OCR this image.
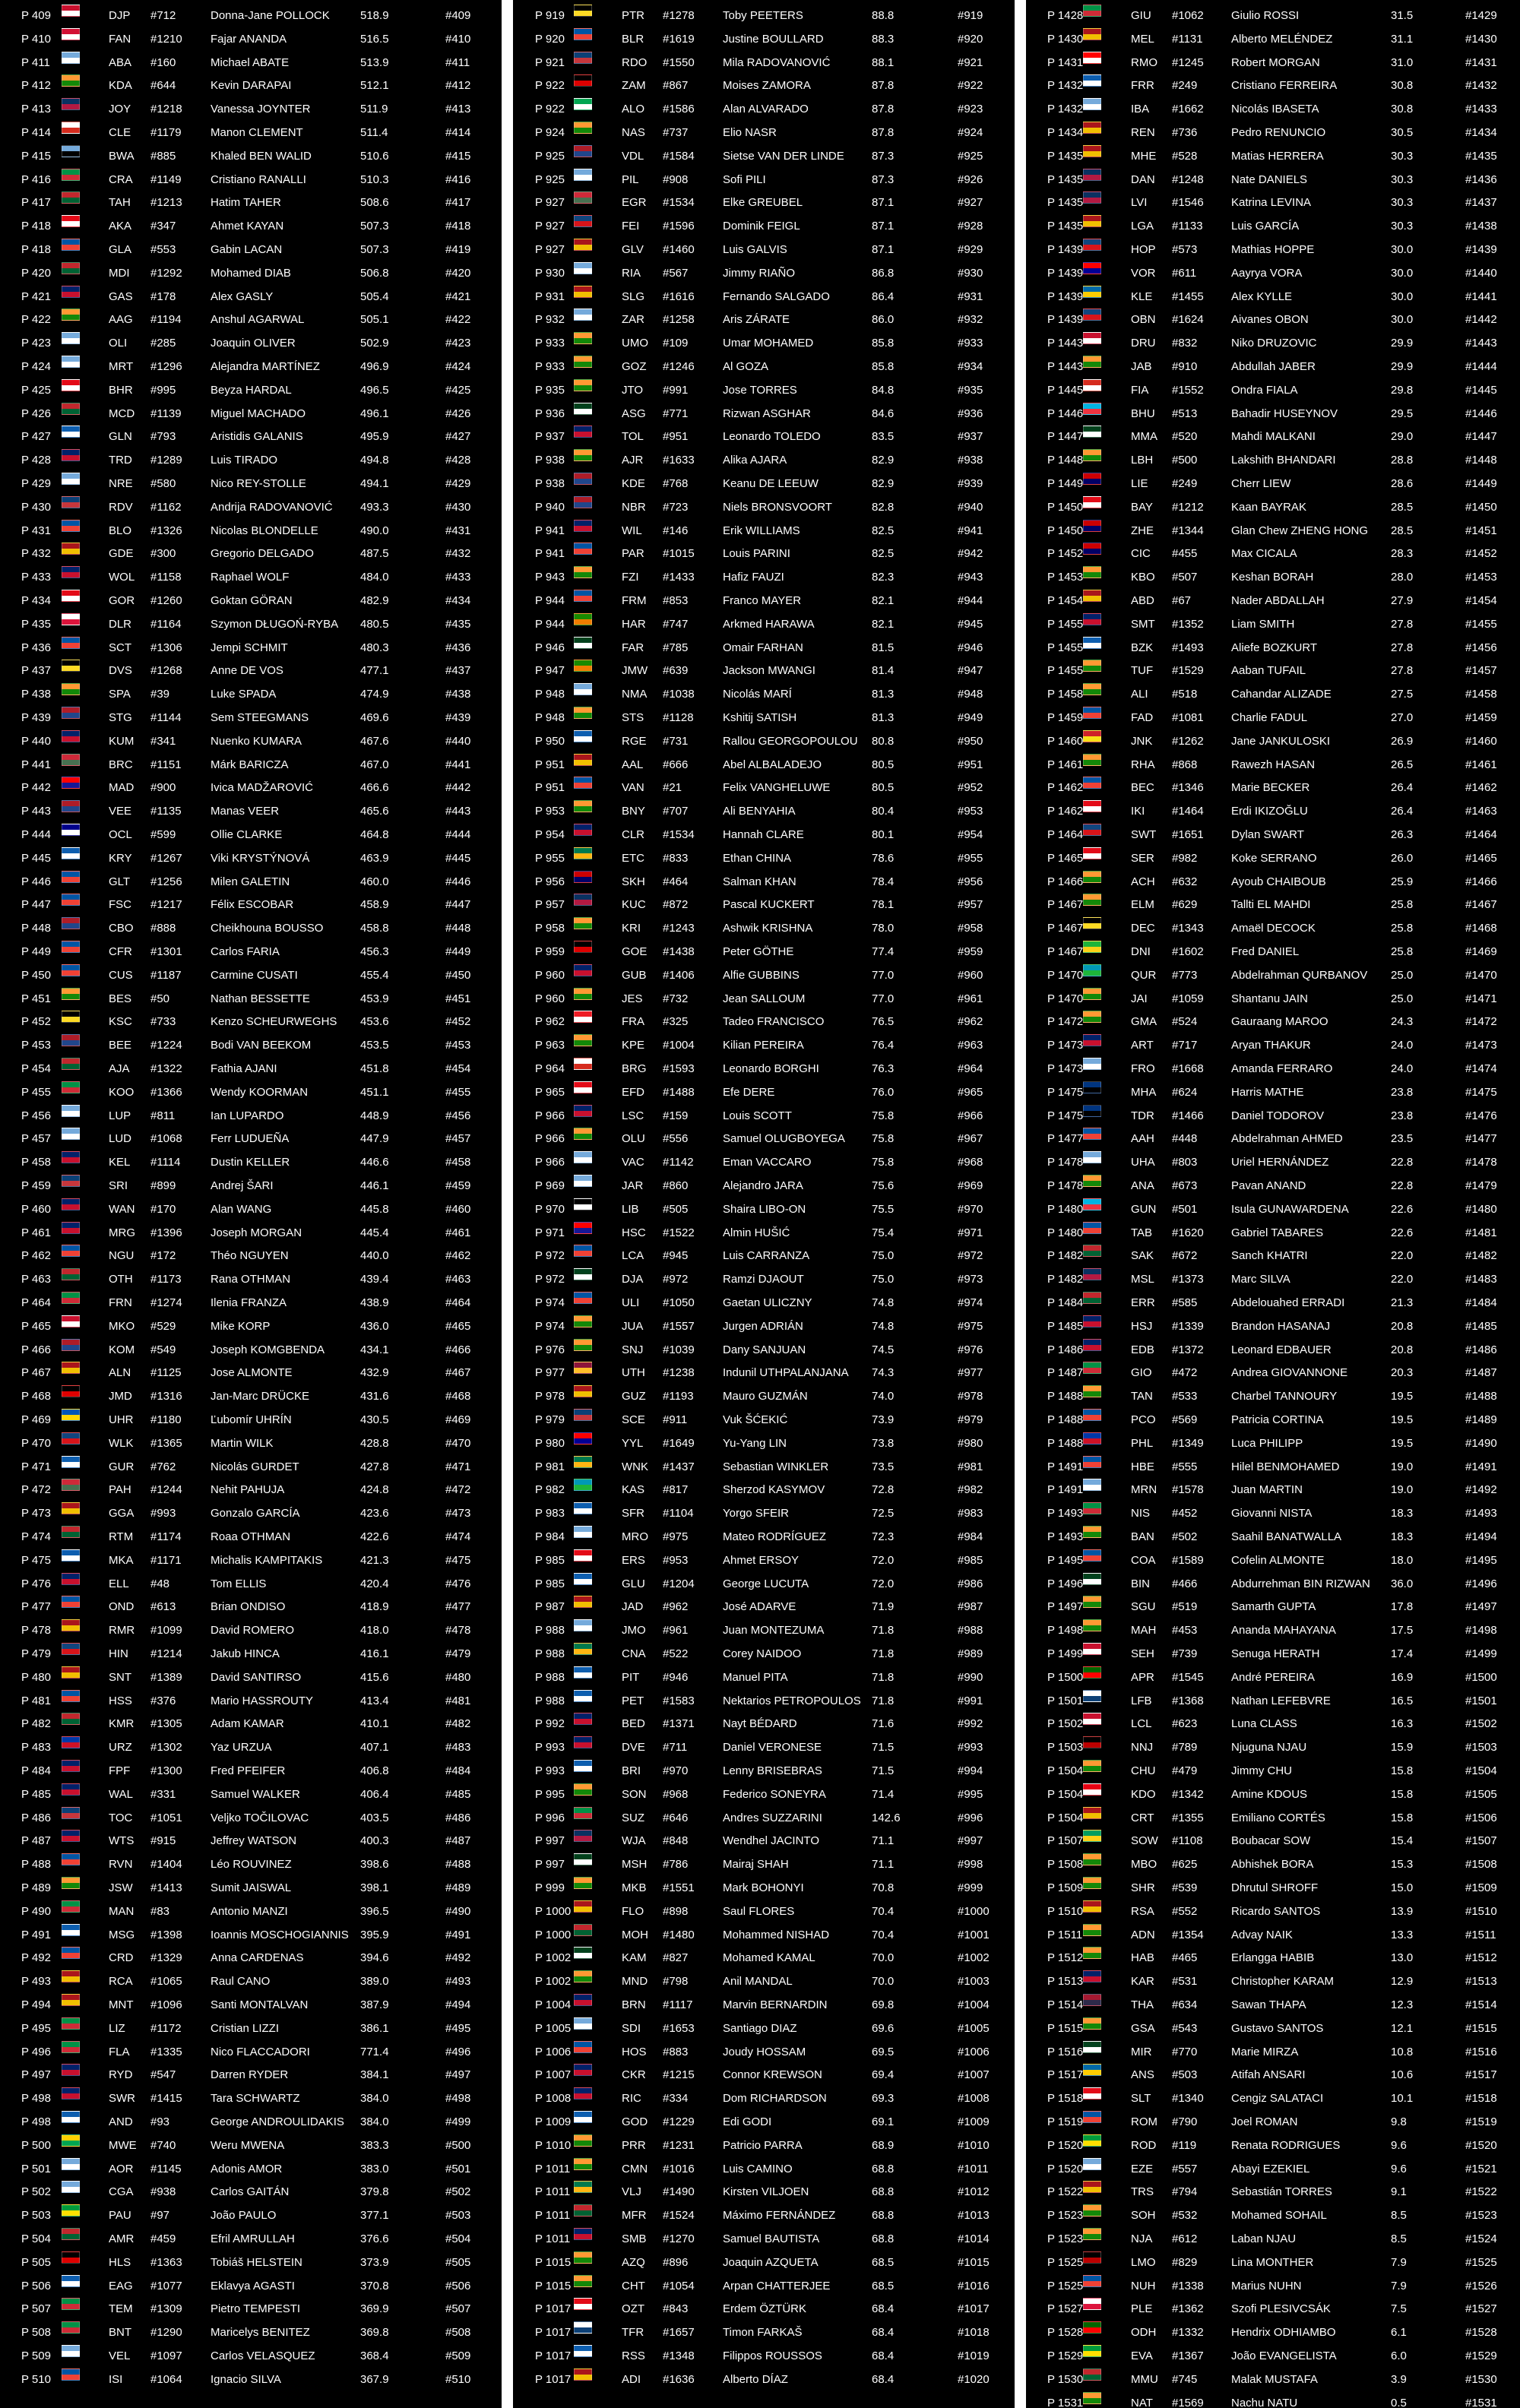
P 409	DJP #712	Donna-Jane POLLOCK	518.9	#409
P 410	FAN #1210 Fajar ANANDA	516.5	#410
P 411	ABA #160	Michael ABATE	513.9	#411
P 412	KDA #644	Kevin DARAPAI	512.1	#412
P 413	JOY #1218 Vanessa JOYNTER	511.9	#413
P 414	CLE #1179	Manon CLEMENT	511.4	#414
P 415	BWA #885	Khaled BEN WALID	510.6	#415
P 416	CRA #1149	Cristiano RANALLI	510.3	#416
P 417	TAH #1213 Hatim TAHER	508.6	#417
P 418	AKA #347	Ahmet KAYAN	507.3	#418
P 418	GLA #553	Gabin LACAN	507.3	#419
P 420	MDI #1292 Mohamed DIAB	506.8	#420
P 421	GAS #178	Alex GASLY	505.4	#421
P 422	AAG #1194	Anshul AGARWAL	505.1	#422
P 423	OLI #285	Joaquin OLIVER	502.9	#423
P 424	MRT #1296 Alejandra MARTÍNEZ	496.9	#424
P 425	BHR #995	Beyza HARDAL	496.5	#425
P 426	MCD #1139	Miguel MACHADO	496.1	#426
P 427	GLN #793	Aristidis GALANIS	495.9	#427
P 428	TRD #1289 Luis TIRADO	494.8	#428
P 429	NRE #580	Nico REY-STOLLE	494.1	#429
P 430	RDV #1162	Andrija RADOVANOVIĆ 493.3	#430
P 431	BLO #1326 Nicolas BLONDELLE	490.0	#431
P 432	GDE #300	Gregorio DELGADO	487.5	#432
P 433	WOL #1158	Raphael WOLF	484.0	#433
P 434	GOR #1260 Goktan GÖRAN	482.9	#434
P 435	DLR #1164	Szymon DŁUGOŃ-RYBA 480.5	#435
P 436	SCT #1306 Jempi SCHMIT	480.3	#436
P 437	DVS #1268 Anne DE VOS	477.1	#437
P 438	SPA #39	Luke SPADA	474.9	#438
P 439	STG #1144	Sem STEEGMANS	469.6	#439
P 440	KUM #341	Nuenko KUMARA	467.6	#440
P 441	BRC #1151	Márk BARICZA	467.0	#441
P 442	MAD #900	Ivica MADŽAROVIĆ	466.6	#442
P 443	VEE #1135	Manas VEER	465.6	#443
P 444	OCL #599	Ollie CLARKE	464.8	#444
P 445	KRY #1267 Viki KRYSTÝNOVÁ	463.9	#445
P 446	GLT #1256 Milen GALETIN	460.0	#446
P 447	FSC #1217 Félix ESCOBAR	458.9	#447
P 448	CBO #888	Cheikhouna BOUSSO	458.8	#448
P 449	CFR #1301 Carlos FARIA	456.3	#449
P 450	CUS #1187	Carmine CUSATI	455.4	#450
P 451	BES #50	Nathan BESSETTE	453.9	#451
P 452	KSC #733	Kenzo SCHEURWEGHS 453.6	#452
P 453	BEE #1224 Bodi VAN BEEKOM	453.5	#453
P 454	AJA #1322 Fathia AJANI	451.8	#454
P 455	KOO #1366 Wendy KOORMAN	451.1	#455
P 456	LUP #811	Ian LUPARDO	448.9	#456
P 457	LUD #1068 Ferr LUDUEÑA	447.9	#457
P 458	KEL #1114	Dustin KELLER	446.6	#458
P 459	SRI #899	Andrej ŠARI	446.1	#459
P 460	WAN #170	Alan WANG	445.8	#460
P 461	MRG #1396 Joseph MORGAN	445.4	#461
P 462	NGU #172	Théo NGUYEN	440.0	#462
P 463	OTH #1173	Rana OTHMAN	439.4	#463
P 464	FRN #1274 Ilenia FRANZA	438.9	#464
P 465	MKO #529	Mike KORP	436.0	#465
P 466	KOM #549	Joseph KOMGBENDA	434.1	#466
P 467	ALN #1125	Jose ALMONTE	432.9	#467
P 468	JMD #1316 Jan-Marc DRÜCKE	431.6	#468
P 469	UHR #1180	Ľubomír UHRÍN	430.5	#469
P 470	WLK #1365 Martin WILK	428.8	#470
P 471	GUR #762	Nicolás GURDET	427.8	#471
P 472	PAH #1244 Nehit PAHUJA	424.8	#472
P 473	GGA #993	Gonzalo GARCÍA	423.6	#473
P 474	RTM #1174	Roaa OTHMAN	422.6	#474
P 475	MKA #1171	Michalis KAMPITAKIS	421.3	#475
P 476	ELL #48	Tom ELLIS	420.4	#476
P 477	OND #613	Brian ONDISO	418.9	#477
P 478	RMR #1099 David ROMERO	418.0	#478
P 479	HIN #1214 Jakub HINCA	416.1	#479
P 480	SNT #1389 David SANTIRSO	415.6	#480
P 481	HSS #376	Mario HASSROUTY	413.4	#481
P 482	KMR #1305 Adam KAMAR	410.1	#482
P 483	URZ #1302 Yaz URZUA	407.1	#483
P 484	FPF #1300 Fred PFEIFER	406.8	#484
P 485	WAL #331	Samuel WALKER	406.4	#485
P 486	TOC #1051 Veljko TOČILOVAC	403.5	#486
P 487	WTS #915	Jeffrey WATSON	400.3	#487
P 488	RVN #1404 Léo ROUVINEZ	398.6	#488
P 489	JSW #1413 Sumit JAISWAL	398.1	#489
P 490	MAN #83	Antonio MANZI	396.5	#490
P 491	MSG #1398 Ioannis MOSCHOGIANNIS 395.9	#491
P 492	CRD #1329 Anna CARDENAS	394.6	#492
P 493	RCA #1065 Raul CANO	389.0	#493
P 494	MNT #1096 Santi MONTALVAN	387.9	#494
P 495	LIZ #1172	Cristian LIZZI	386.1	#495
P 496	FLA #1335 Nico FLACCADORI	771.4	#496
P 497	RYD #547	Darren RYDER	384.1	#497
P 498	SWR #1415 Tara SCHWARTZ	384.0	#498
P 498	AND #93	George ANDROULIDAKIS 384.0	#499
P 500	MWE #740	Weru MWENA	383.3	#500
P 501	AOR #1145	Adonis AMOR	383.0	#501
P 502	CGA #938	Carlos GAITÁN	379.8	#502
P 503	PAU #97	João PAULO	377.1	#503
P 504	AMR #459	Efril AMRULLAH	376.6	#504
P 505	HLS #1363 Tobiáš HELSTEIN	373.9	#505
P 506	EAG #1077 Eklavya AGASTI	370.8	#506
P 507	TEM #1309 Pietro TEMPESTI	369.9	#507
P 508	BNT #1290 Maricelys BENITEZ	369.8	#508
P 509	VEL #1097 Carlos VELASQUEZ	368.4	#509
P 510	ISI #1064 Ignacio SILVA	367.9	#510
P 919	PTR #1278 Toby PEETERS	88.8	#919
P 920	BLR #1619 Justine BOULLARD	88.3	#920
P 921	RDO #1550 Mila RADOVANOVIĆ	88.1	#921
P 922	ZAM #867	Moises ZAMORA	87.8	#922
P 922	ALO #1586 Alan ALVARADO	87.8	#923
P 924	NAS #737	Elio NASR	87.8	#924
P 925	VDL #1584 Sietse VAN DER LINDE 87.3	#925
P 925	PIL #908	Sofi PILI	87.3	#926
P 927	EGR #1534 Elke GREUBEL	87.1	#927
P 927	FEI #1596 Dominik FEIGL	87.1	#928
P 927	GLV #1460 Luis GALVIS	87.1	#929
P 930	RIA #567	Jimmy RIAÑO	86.8	#930
P 931	SLG #1616 Fernando SALGADO	86.4	#931
P 932	ZAR #1258 Aris ZÁRATE	86.0	#932
P 933	UMO #109	Umar MOHAMED	85.8	#933
P 933	GOZ #1246 Al GOZA	85.8	#934
P 935	JTO #991	Jose TORRES	84.8	#935
P 936	ASG #771	Rizwan ASGHAR	84.6	#936
P 937	TOL #951	Leonardo TOLEDO	83.5	#937
P 938	AJR #1633 Alika AJARA	82.9	#938
P 938	KDE #768	Keanu DE LEEUW	82.9	#939
P 940	NBR #723	Niels BRONSVOORT	82.8	#940
P 941	WIL #146	Erik WILLIAMS	82.5	#941
P 941	PAR #1015 Louis PARINI	82.5	#942
P 943	FZI #1433 Hafiz FAUZI	82.3	#943
P 944	FRM #853	Franco MAYER	82.1	#944
P 944	HAR #747	Arkmed HARAWA	82.1	#945
P 946	FAR #785	Omair FARHAN	81.5	#946
P 947	JMW #639	Jackson MWANGI	81.4	#947
P 948	NMA #1038 Nicolás MARÍ	81.3	#948
P 948	STS #1128	Kshitij SATISH	81.3	#949
P 950	RGE #731	Rallou GEORGOPOULOU 80.8	#950
P 951	AAL #666	Abel ALBALADEJO	80.5	#951
P 951	VAN #21	Felix VANGHELUWE	80.5	#952
P 953	BNY #707	Ali BENYAHIA	80.4	#953
P 954	CLR #1534 Hannah CLARE	80.1	#954
P 955	ETC #833	Ethan CHINA	78.6	#955
P 956	SKH #464	Salman KHAN	78.4	#956
P 957	KUC #872	Pascal KUCKERT	78.1	#957
P 958	KRI #1243 Ashwik KRISHNA	78.0	#958
P 959	GOE #1438 Peter GÖTHE	77.4	#959
P 960	GUB #1406 Alfie GUBBINS	77.0	#960
P 960	JES #732	Jean SALLOUM	77.0	#961
P 962	FRA #325	Tadeo FRANCISCO	76.5	#962
P 963	KPE #1004 Kilian PEREIRA	76.4	#963
P 964	BRG #1593 Leonardo BORGHI	76.3	#964
P 965	EFD #1488 Efe DERE	76.0	#965
P 966	LSC #159	Louis SCOTT	75.8	#966
P 966	OLU #556	Samuel OLUGBOYEGA 75.8	#967
P 966	VAC #1142	Eman VACCARO	75.8	#968
P 969	JAR #860	Alejandro JARA	75.6	#969
P 970	LIB #505	Shaira LIBO-ON	75.5	#970
P 971	HSC #1522 Almin HUŠIĆ	75.4	#971
P 972	LCA #945	Luis CARRANZA	75.0	#972
P 972	DJA #972	Ramzi DJAOUT	75.0	#973
P 974	ULI #1050 Gaetan ULICZNY	74.8	#974
P 974	JUA #1557 Jurgen ADRIÁN	74.8	#975
P 976	SNJ #1039 Dany SANJUAN	74.5	#976
P 977	UTH #1238 Indunil UTHPALANJANA 74.3	#977
P 978	GUZ #1193	Mauro GUZMÁN	74.0	#978
P 979	SCE #911	Vuk ŠĆEKIĆ	73.9	#979
P 980	YYL #1649 Yu-Yang LIN	73.8	#980
P 981	WNK #1437 Sebastian WINKLER	73.5	#981
P 982	KAS #817	Sherzod KASYMOV	72.8	#982
P 983	SFR #1104	Yorgo SFEIR	72.5	#983
P 984	MRO #975	Mateo RODRÍGUEZ	72.3	#984
P 985	ERS #953	Ahmet ERSOY	72.0	#985
P 985	GLU #1204 George LUCUTA	72.0	#986
P 987	JAD #962	José ADARVE	71.9	#987
P 988	JMO #961	Juan MONTEZUMA	71.8	#988
P 988	CNA #522	Corey NAIDOO	71.8	#989
P 988	PIT #946	Manuel PITA	71.8	#990
P 988	PET #1583 Nektarios PETROPOULOS 71.8	#991
P 992	BED #1371 Nayt BÉDARD	71.6	#992
P 993	DVE #711	Daniel VERONESE	71.5	#993
P 993	BRI #970	Lenny BRISEBRAS	71.5	#994
P 995	SON #968	Federico SONEYRA	71.4	#995
P 996	SUZ #646	Andres SUZZARINI	142.6	#996
P 997	WJA #848	Wendhel JACINTO	71.1	#997
P 997	MSH #786	Mairaj SHAH	71.1	#998
P 999	MKB #1551 Mark BOHONYI	70.8	#999
P 1000	FLO #898	Saul FLORES	70.4	#1000
P 1000	MOH #1480 Mohammed NISHAD	70.4	#1001
P 1002	KAM #827	Mohamed KAMAL	70.0	#1002
P 1002	MND #798	Anil MANDAL	70.0	#1003
P 1004	BRN #1117	Marvin BERNARDIN	69.8	#1004
P 1005	SDI #1653 Santiago DIAZ	69.6	#1005
P 1006	HOS #883	Joudy HOSSAM	69.5	#1006
P 1007	CKR #1215 Connor KREWSON	69.4	#1007
P 1008	RIC #334	Dom RICHARDSON	69.3	#1008
P 1009	GOD #1229 Edi GODI	69.1	#1009
P 1010	PRR #1231 Patricio PARRA	68.9	#1010
P 1011	CMN #1016 Luis CAMINO	68.8	#1011
P 1011	VLJ #1490 Kirsten VILJOEN	68.8	#1012
P 1011	MFR #1524 Máximo FERNÁNDEZ	68.8	#1013
P 1011	SMB #1270 Samuel BAUTISTA	68.8	#1014
P 1015	AZQ #896	Joaquin AZQUETA	68.5	#1015
P 1015	CHT #1054 Arpan CHATTERJEE	68.5	#1016
P 1017	OZT #843	Erdem ÖZTÜRK	68.4	#1017
P 1017	TFR #1657 Timon FARKAŠ	68.4	#1018
P 1017	RSS #1348 Filippos ROUSSOS	68.4	#1019
P 1017	ADI #1636 Alberto DÍAZ	68.4	#1020
P 1428	GIU #1062 Giulio ROSSI	31.5	#1429
P 1430	MEL #1131 Alberto MELÉNDEZ	31.1	#1430
P 1431	RMO #1245 Robert MORGAN	31.0	#1431
P 1432	FRR #249	Cristiano FERREIRA	30.8	#1432
P 1432	IBA #1662 Nicolás IBASETA	30.8	#1433
P 1434	REN #736	Pedro RENUNCIO	30.5	#1434
P 1435	MHE #528	Matias HERRERA	30.3	#1435
P 1435	DAN #1248 Nate DANIELS	30.3	#1436
P 1435	LVI #1546 Katrina LEVINA	30.3	#1437
P 1435	LGA #1133 Luis GARCÍA	30.3	#1438
P 1439	HOP #573	Mathias HOPPE	30.0	#1439
P 1439	VOR #611	Aayrya VORA	30.0	#1440
P 1439	KLE #1455 Alex KYLLE	30.0	#1441
P 1439	OBN #1624 Aivanes OBON	30.0	#1442
P 1443	DRU #832	Niko DRUZOVIC	29.9	#1443
P 1443	JAB #910	Abdullah JABER	29.9	#1444
P 1445	FIA #1552 Ondra FIALA	29.8	#1445
P 1446	BHU #513	Bahadir HUSEYNOV	29.5	#1446
P 1447	MMA #520	Mahdi MALKANI	29.0	#1447
P 1448	LBH #500	Lakshith BHANDARI	28.8	#1448
P 1449	LIE #249	Cherr LIEW	28.6	#1449
P 1450	BAY #1212 Kaan BAYRAK	28.5	#1450
P 1450	ZHE #1344 Glan Chew ZHENG HONG 28.5	#1451
P 1452	CIC #455	Max CICALA	28.3	#1452
P 1453	KBO #507	Keshan BORAH	28.0	#1453
P 1454	ABD #67	Nader ABDALLAH	27.9	#1454
P 1455	SMT #1352 Liam SMITH	27.8	#1455
P 1455	BZK #1493 Aliefe BOZKURT	27.8	#1456
P 1455	TUF #1529 Aaban TUFAIL	27.8	#1457
P 1458	ALI #518	Cahandar ALIZADE	27.5	#1458
P 1459	FAD #1081 Charlie FADUL	27.0	#1459
P 1460	JNK #1262 Jane JANKULOSKI	26.9	#1460
P 1461	RHA #868	Rawezh HASAN	26.5	#1461
P 1462	BEC #1346 Marie BECKER	26.4	#1462
P 1462	IKI #1464 Erdi IKIZOĞLU	26.4	#1463
P 1464	SWT #1651 Dylan SWART	26.3	#1464
P 1465	SER #982	Koke SERRANO	26.0	#1465
P 1466	ACH #632	Ayoub CHAIBOUB	25.9	#1466
P 1467	ELM #629	Tallti EL MAHDI	25.8	#1467
P 1467	DEC #1343 Amaël DECOCK	25.8	#1468
P 1467	DNI #1602 Fred DANIEL	25.8	#1469
P 1470	QUR #773	Abdelrahman QURBANOV 25.0	#1470
P 1470	JAI #1059 Shantanu JAIN	25.0	#1471
P 1472	GMA #524	Gauraang MAROO	24.3	#1472
P 1473	ART #717	Aryan THAKUR	24.0	#1473
P 1473	FRO #1668 Amanda FERRARO	24.0	#1474
P 1475	MHA #624	Harris MATHE	23.8	#1475
P 1475	TDR #1466 Daniel TODOROV	23.8	#1476
P 1477	AAH #448	Abdelrahman AHMED	23.5	#1477
P 1478	UHA #803	Uriel HERNÁNDEZ	22.8	#1478
P 1478	ANA #673	Pavan ANAND	22.8	#1479
P 1480	GUN #501	Isula GUNAWARDENA	22.6	#1480
P 1480	TAB #1620 Gabriel TABARES	22.6	#1481
P 1482	SAK #672	Sanch KHATRI	22.0	#1482
P 1482	MSL #1373 Marc SILVA	22.0	#1483
P 1484	ERR #585	Abdelouahed ERRADI	21.3	#1484
P 1485	HSJ #1339 Brandon HASANAJ	20.8	#1485
P 1486	EDB #1372 Leonard EDBAUER	20.8	#1486
P 1487	GIO #472	Andrea GIOVANNONE	20.3	#1487
P 1488	TAN #533	Charbel TANNOURY	19.5	#1488
P 1488	PCO #569	Patricia CORTINA	19.5	#1489
P 1488	PHL #1349 Luca PHILIPP	19.5	#1490
P 1491	HBE #555	Hilel BENMOHAMED	19.0	#1491
P 1491	MRN #1578 Juan MARTIN	19.0	#1492
P 1493	NIS #452	Giovanni NISTA	18.3	#1493
P 1493	BAN #502	Saahil BANATWALLA	18.3	#1494
P 1495	COA #1589 Cofelin ALMONTE	18.0	#1495
P 1496	BIN #466	Abdurrehman BIN RIZWAN 36.0	#1496
P 1497	SGU #519	Samarth GUPTA	17.8	#1497
P 1498	MAH #453	Ananda MAHAYANA	17.5	#1498
P 1499	SEH #739	Senuga HERATH	17.4	#1499
P 1500	APR #1545 André PEREIRA	16.9	#1500
P 1501	LFB #1368 Nathan LEFEBVRE	16.5	#1501
P 1502	LCL #623	Luna CLASS	16.3	#1502
P 1503	NNJ #789	Njuguna NJAU	15.9	#1503
P 1504	CHU #479	Jimmy CHU	15.8	#1504
P 1504	KDO #1342 Amine KDOUS	15.8	#1505
P 1504	CRT #1355 Emiliano CORTÉS	15.8	#1506
P 1507	SOW #1108 Boubacar SOW	15.4	#1507
P 1508	MBO #625	Abhishek BORA	15.3	#1508
P 1509	SHR #539	Dhrutul SHROFF	15.0	#1509
P 1510	RSA #552	Ricardo SANTOS	13.9	#1510
P 1511	ADN #1354 Advay NAIK	13.3	#1511
P 1512	HAB #465	Erlangga HABIB	13.0	#1512
P 1513	KAR #531	Christopher KARAM	12.9	#1513
P 1514	THA #634	Sawan THAPA	12.3	#1514
P 1515	GSA #543	Gustavo SANTOS	12.1	#1515
P 1516	MIR #770	Marie MIRZA	10.8	#1516
P 1517	ANS #503	Atifah ANSARI	10.6	#1517
P 1518	SLT #1340 Cengiz SALATACI	10.1	#1518
P 1519	ROM #790	Joel ROMAN	9.8	#1519
P 1520	ROD #119	Renata RODRIGUES	9.6	#1520
P 1520	EZE #557	Abayi EZEKIEL	9.6	#1521
P 1522	TRS #794	Sebastián TORRES	9.1	#1522
P 1523	SOH #532	Mohamed SOHAIL	8.5	#1523
P 1523	NJA #612	Laban NJAU	8.5	#1524
P 1525	LMO #829	Lina MONTHER	7.9	#1525
P 1525	NUH #1338 Marius NUHN	7.9	#1526
P 1527	PLE #1362 Szofi PLESIVCSÁK	7.5	#1527
P 1528	ODH #1332 Hendrix ODHIAMBO	6.1	#1528
P 1529	EVA #1367 João EVANGELISTA	6.0	#1529
P 1530	MMU #745	Malak MUSTAFA	3.9	#1530
P 1531	NAT #1569 Nachu NATU	0.5	#1531
